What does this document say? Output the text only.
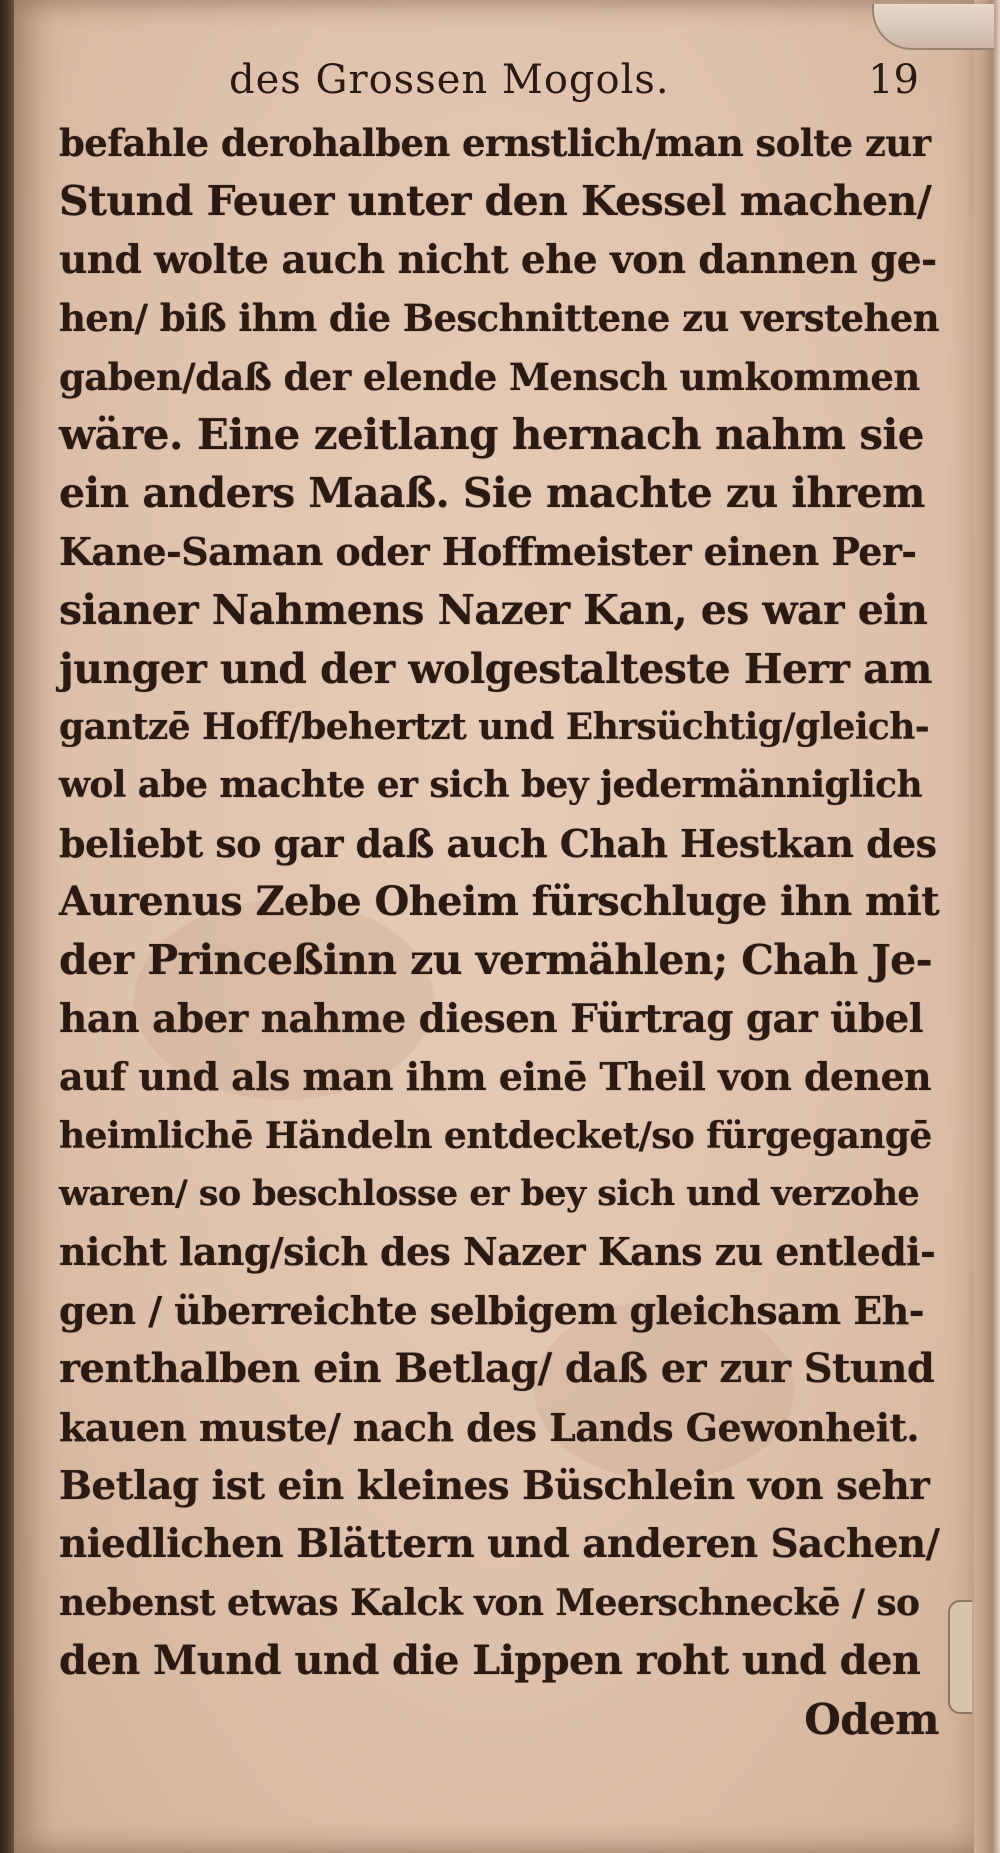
des Grossen Mogols.	19
befahle derohalben ernstlich/man solte zur
Stund Feuer unter den Kessel machen/
und wolte auch nicht ehe von dannen ge-
hen/ biß ihm die Beschnittene zu verstehen
gaben/daß der elende Mensch umkommen
wäre. Eine zeitlang hernach nahm sie
ein anders Maaß. Sie machte zu ihrem
Kane-Saman oder Hoffmeister einen Per-
sianer Nahmens Nazer Kan, es war ein
junger und der wolgestalteste Herr am
gantzē Hoff/behertzt und Ehrsüchtig/gleich-
wol abe machte er sich bey jedermänniglich
beliebt so gar daß auch Chah Hestkan des
Aurenus Zebe Oheim fürschluge ihn mit
der Princeßinn zu vermählen; Chah Je-
han aber nahme diesen Fürtrag gar übel
auf und als man ihm einē Theil von denen
heimlichē Händeln entdecket/so fürgegangē
waren/ so beschlosse er bey sich und verzohe
nicht lang/sich des Nazer Kans zu entledi-
gen / überreichte selbigem gleichsam Eh-
renthalben ein Betlag/ daß er zur Stund
kauen muste/ nach des Lands Gewonheit.
Betlag ist ein kleines Büschlein von sehr
niedlichen Blättern und anderen Sachen/
nebenst etwas Kalck von Meerschneckē / so
den Mund und die Lippen roht und den
Odem
